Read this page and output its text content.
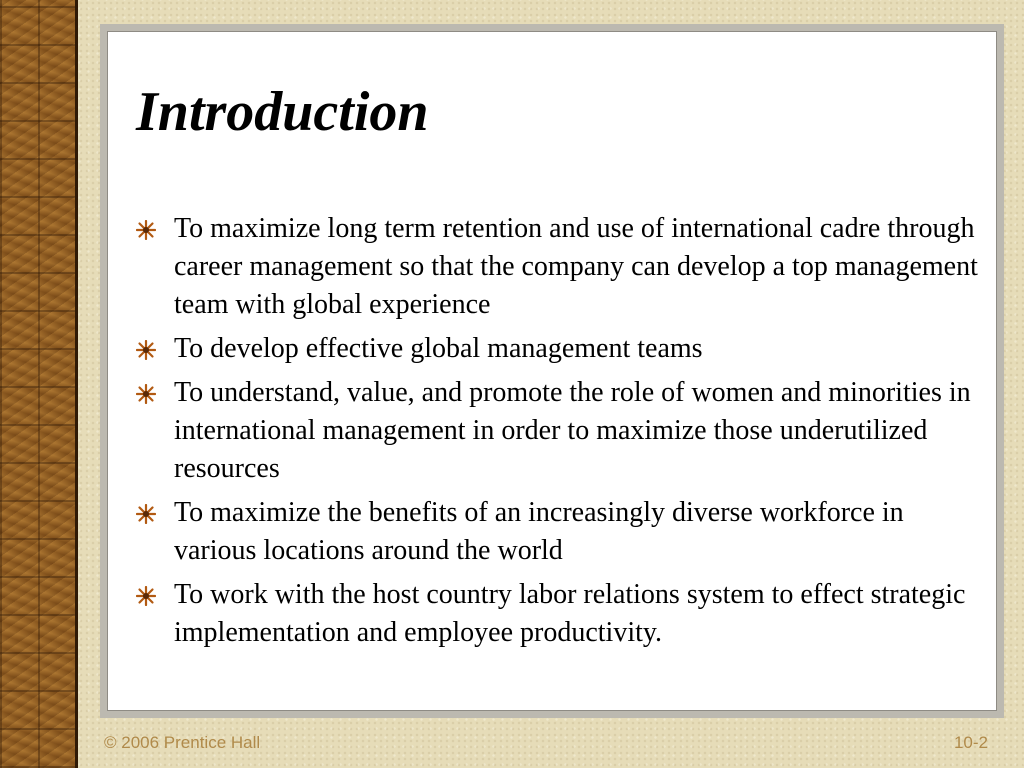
Introduction
To maximize long term retention and use of international cadre through career management so that the company can develop a top management team with global experience
To develop effective global management teams
To understand, value, and promote the role of women and minorities in international management in order to maximize those underutilized resources
To maximize the benefits of an increasingly diverse workforce in various locations around the world
To work with the host country labor relations system to effect strategic implementation and employee productivity.
© 2006 Prentice Hall	10-2
